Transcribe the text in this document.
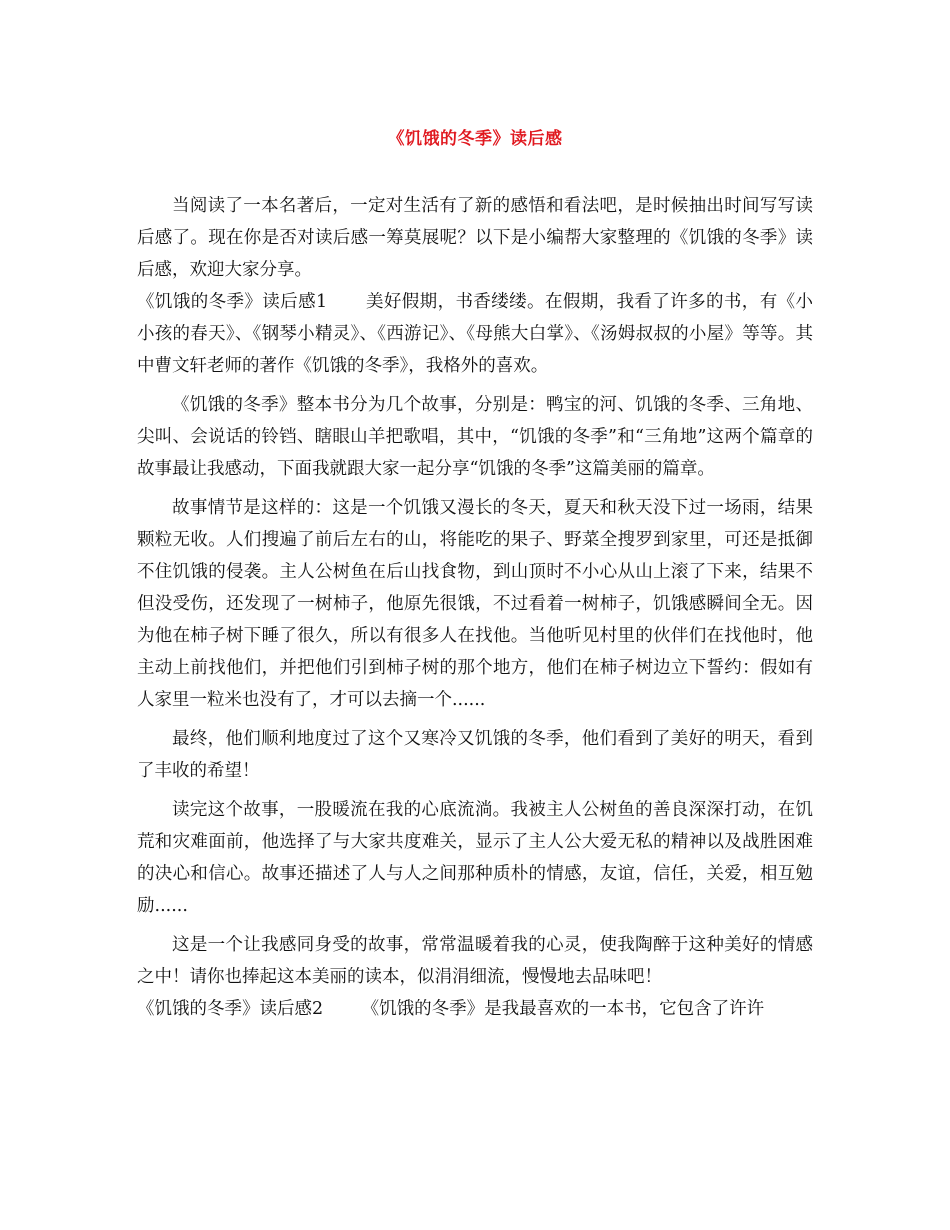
《饥饿的冬季》读后感

当阅读了一本名著后，一定对生活有了新的感悟和看法吧，是时候抽出时间写写读后感了。现在你是否对读后感一筹莫展呢？以下是小编帮大家整理的《饥饿的冬季》读后感，欢迎大家分享。

《饥饿的冬季》读后感1 美好假期，书香缕缕。在假期，我看了许多的书，有《小小孩的春天》、《钢琴小精灵》、《西游记》、《母熊大白掌》、《汤姆叔叔的小屋》等等。其中曹文轩老师的著作《饥饿的冬季》，我格外的喜欢。

《饥饿的冬季》整本书分为几个故事，分别是：鸭宝的河、饥饿的冬季、三角地、尖叫、会说话的铃铛、瞎眼山羊把歌唱，其中，“饥饿的冬季”和“三角地”这两个篇章的故事最让我感动，下面我就跟大家一起分享“饥饿的冬季”这篇美丽的篇章。

故事情节是这样的：这是一个饥饿又漫长的冬天，夏天和秋天没下过一场雨，结果颗粒无收。人们搜遍了前后左右的山，将能吃的果子、野菜全搜罗到家里，可还是抵御不住饥饿的侵袭。主人公树鱼在后山找食物，到山顶时不小心从山上滚了下来，结果不但没受伤，还发现了一树柿子，他原先很饿，不过看着一树柿子，饥饿感瞬间全无。因为他在柿子树下睡了很久，所以有很多人在找他。当他听见村里的伙伴们在找他时，他主动上前找他们，并把他们引到柿子树的那个地方，他们在柿子树边立下誓约：假如有人家里一粒米也没有了，才可以去摘一个......

最终，他们顺利地度过了这个又寒冷又饥饿的冬季，他们看到了美好的明天，看到了丰收的希望！

读完这个故事，一股暖流在我的心底流淌。我被主人公树鱼的善良深深打动，在饥荒和灾难面前，他选择了与大家共度难关，显示了主人公大爱无私的精神以及战胜困难的决心和信心。故事还描述了人与人之间那种质朴的情感，友谊，信任，关爱，相互勉励......

这是一个让我感同身受的故事，常常温暖着我的心灵，使我陶醉于这种美好的情感之中！请你也捧起这本美丽的读本，似涓涓细流，慢慢地去品味吧！

《饥饿的冬季》读后感2 《饥饿的冬季》是我最喜欢的一本书，它包含了许许
